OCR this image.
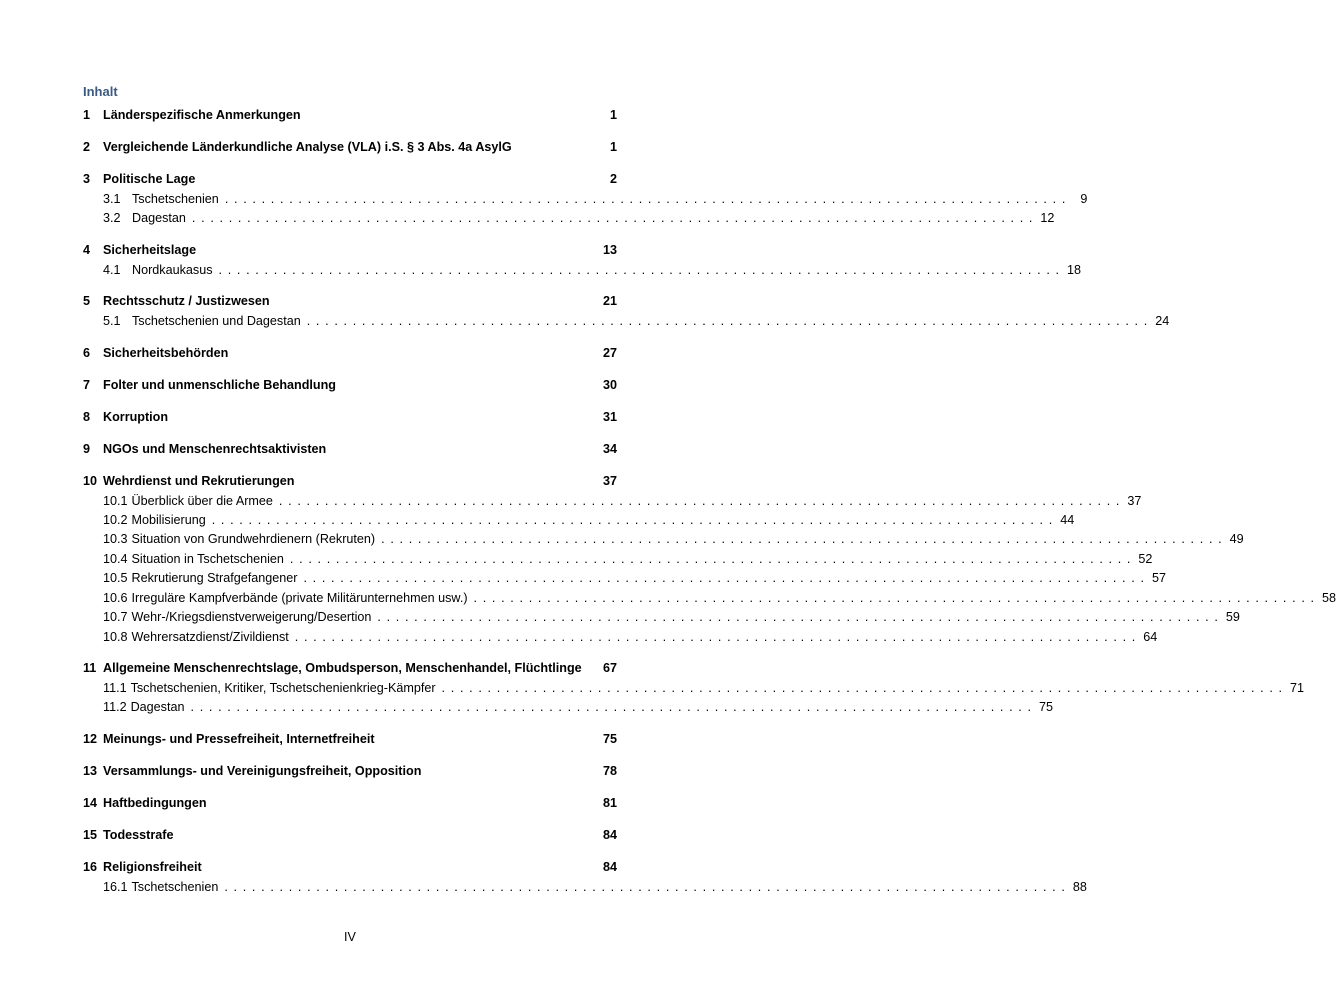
Inhalt
1	Länderspezifische Anmerkungen	1
2	Vergleichende Länderkundliche Analyse (VLA) i.S. § 3 Abs. 4a AsylG	1
3	Politische Lage	2
3.1 Tschetschenien . . .	9
3.2 Dagestan . . .	12
4	Sicherheitslage	13
4.1 Nordkaukasus . . .	18
5	Rechtsschutz / Justizwesen	21
5.1 Tschetschenien und Dagestan . . .	24
6	Sicherheitsbehörden	27
7	Folter und unmenschliche Behandlung	30
8	Korruption	31
9	NGOs und Menschenrechtsaktivisten	34
10 Wehrdienst und Rekrutierungen	37
10.1 Überblick über die Armee . . .	37
10.2 Mobilisierung . . .	44
10.3 Situation von Grundwehrdienern (Rekruten) . . .	49
10.4 Situation in Tschetschenien . . .	52
10.5 Rekrutierung Strafgefangener . . .	57
10.6 Irreguläre Kampfverbände (private Militärunternehmen usw.) . . .	58
10.7 Wehr-/Kriegsdienstverweigerung/Desertion . . .	59
10.8 Wehrersatzdienst/Zivildienst . . .	64
11 Allgemeine Menschenrechtslage, Ombudsperson, Menschenhandel, Flüchtlinge	67
11.1 Tschetschenien, Kritiker, Tschetschenienkrieg-Kämpfer . . .	71
11.2 Dagestan . . .	75
12 Meinungs- und Pressefreiheit, Internetfreiheit	75
13 Versammlungs- und Vereinigungsfreiheit, Opposition	78
14 Haftbedingungen	81
15 Todesstrafe	84
16 Religionsfreiheit	84
16.1 Tschetschenien . . .	88
IV
